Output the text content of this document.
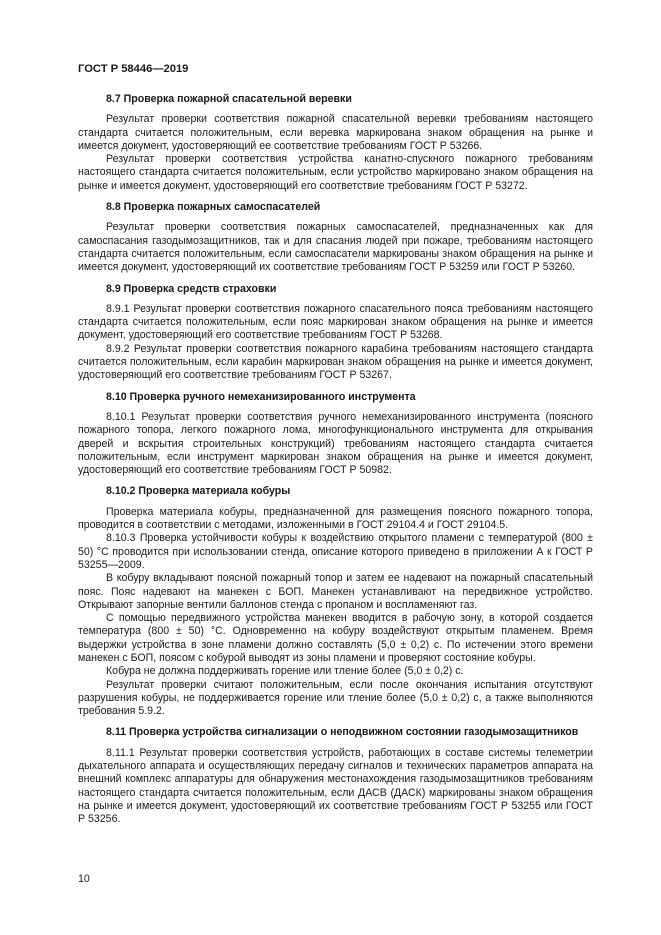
ГОСТ Р 58446—2019
8.7 Проверка пожарной спасательной веревки
Результат проверки соответствия пожарной спасательной веревки требованиям настоящего стандарта считается положительным, если веревка маркирована знаком обращения на рынке и имеется документ, удостоверяющий ее соответствие требованиям ГОСТ Р 53266.
Результат проверки соответствия устройства канатно-спускного пожарного требованиям настоящего стандарта считается положительным, если устройство маркировано знаком обращения на рынке и имеется документ, удостоверяющий его соответствие требованиям ГОСТ Р 53272.
8.8 Проверка пожарных самоспасателей
Результат проверки соответствия пожарных самоспасателей, предназначенных как для самоспасания газодымозащитников, так и для спасания людей при пожаре, требованиям настоящего стандарта считается положительным, если самоспасатели маркированы знаком обращения на рынке и имеется документ, удостоверяющий их соответствие требованиям ГОСТ Р 53259 или ГОСТ Р 53260.
8.9 Проверка средств страховки
8.9.1 Результат проверки соответствия пожарного спасательного пояса требованиям настоящего стандарта считается положительным, если пояс маркирован знаком обращения на рынке и имеется документ, удостоверяющий его соответствие требованиям ГОСТ Р 53268.
8.9.2 Результат проверки соответствия пожарного карабина требованиям настоящего стандарта считается положительным, если карабин маркирован знаком обращения на рынке и имеется документ, удостоверяющий его соответствие требованиям ГОСТ Р 53267.
8.10 Проверка ручного немеханизированного инструмента
8.10.1 Результат проверки соответствия ручного немеханизированного инструмента (поясного пожарного топора, легкого пожарного лома, многофункционального инструмента для открывания дверей и вскрытия строительных конструкций) требованиям настоящего стандарта считается положительным, если инструмент маркирован знаком обращения на рынке и имеется документ, удостоверяющий его соответствие требованиям ГОСТ Р 50982.
8.10.2 Проверка материала кобуры
Проверка материала кобуры, предназначенной для размещения поясного пожарного топора, проводится в соответствии с методами, изложенными в ГОСТ 29104.4 и ГОСТ 29104.5.
8.10.3 Проверка устойчивости кобуры к воздействию открытого пламени с температурой (800 ± 50) °С проводится при использовании стенда, описание которого приведено в приложении А к ГОСТ Р 53255—2009.
В кобуру вкладывают поясной пожарный топор и затем ее надевают на пожарный спасательный пояс. Пояс надевают на манекен с БОП. Манекен устанавливают на передвижное устройство. Открывают запорные вентили баллонов стенда с пропаном и воспламеняют газ.
С помощью передвижного устройства манекен вводится в рабочую зону, в которой создается температура (800 ± 50) °С. Одновременно на кобуру воздействуют открытым пламенем. Время выдержки устройства в зоне пламени должно составлять (5,0 ± 0,2) с. По истечении этого времени манекен с БОП, поясом с кобурой выводят из зоны пламени и проверяют состояние кобуры.
Кобура не должна поддерживать горение или тление более (5,0 ± 0,2) с.
Результат проверки считают положительным, если после окончания испытания отсутствуют разрушения кобуры, не поддерживается горение или тление более (5,0 ± 0,2) с, а также выполняются требования 5.9.2.
8.11 Проверка устройства сигнализации о неподвижном состоянии газодымозащитников
8.11.1 Результат проверки соответствия устройств, работающих в составе системы телеметрии дыхательного аппарата и осуществляющих передачу сигналов и технических параметров аппарата на внешний комплекс аппаратуры для обнаружения местонахождения газодымозащитников требованиям настоящего стандарта считается положительным, если ДАСВ (ДАСК) маркированы знаком обращения на рынке и имеется документ, удостоверяющий их соответствие требованиям ГОСТ Р 53255 или ГОСТ Р 53256.
10
